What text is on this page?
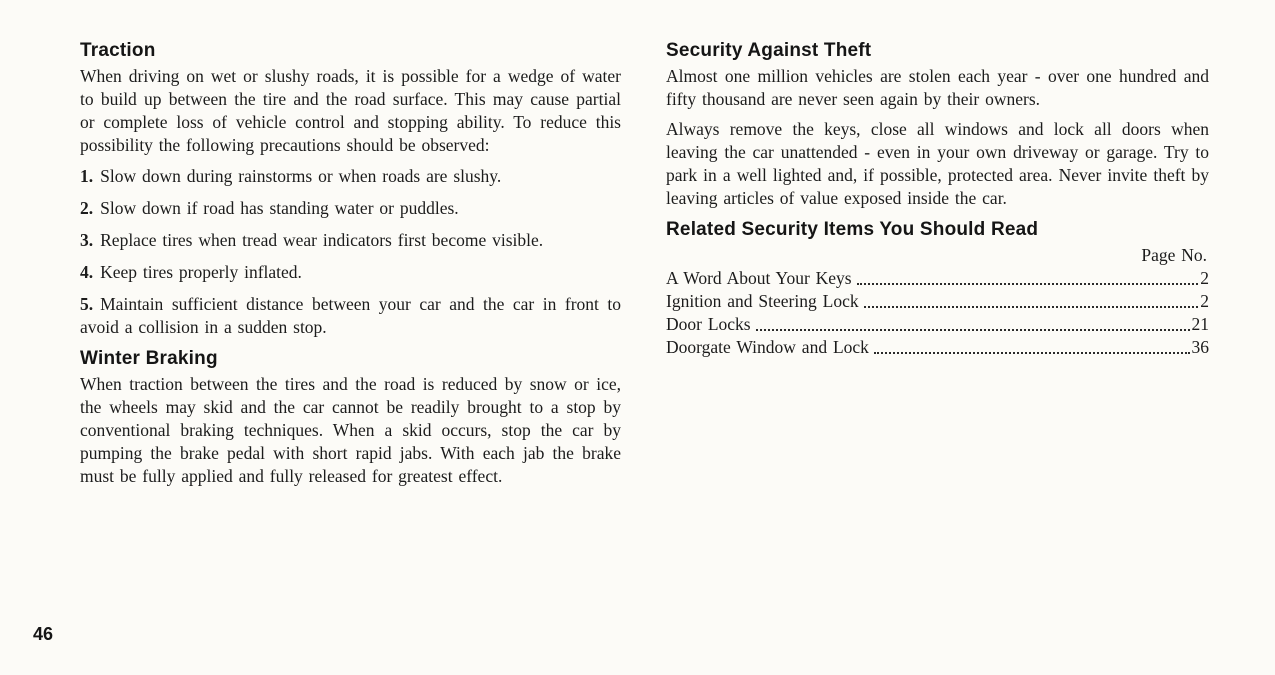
Traction

When driving on wet or slushy roads, it is possible for a wedge of water to build up between the tire and the road surface. This may cause partial or complete loss of vehicle control and stopping ability. To reduce this possibility the following precautions should be observed:

1. Slow down during rainstorms or when roads are slushy.

2. Slow down if road has standing water or puddles.

3. Replace tires when tread wear indicators first become visible.

4. Keep tires properly inflated.

5. Maintain sufficient distance between your car and the car in front to avoid a collision in a sudden stop.

Winter Braking

When traction between the tires and the road is reduced by snow or ice, the wheels may skid and the car cannot be readily brought to a stop by conventional braking techniques. When a skid occurs, stop the car by pumping the brake pedal with short rapid jabs. With each jab the brake must be fully applied and fully released for greatest effect.

Security Against Theft

Almost one million vehicles are stolen each year - over one hundred and fifty thousand are never seen again by their owners.

Always remove the keys, close all windows and lock all doors when leaving the car unattended - even in your own driveway or garage. Try to park in a well lighted and, if possible, protected area. Never invite theft by leaving articles of value exposed inside the car.

Related Security Items You Should Read
Page No.
A Word About Your Keys	2
Ignition and Steering Lock	2
Door Locks	21
Doorgate Window and Lock	36
46
